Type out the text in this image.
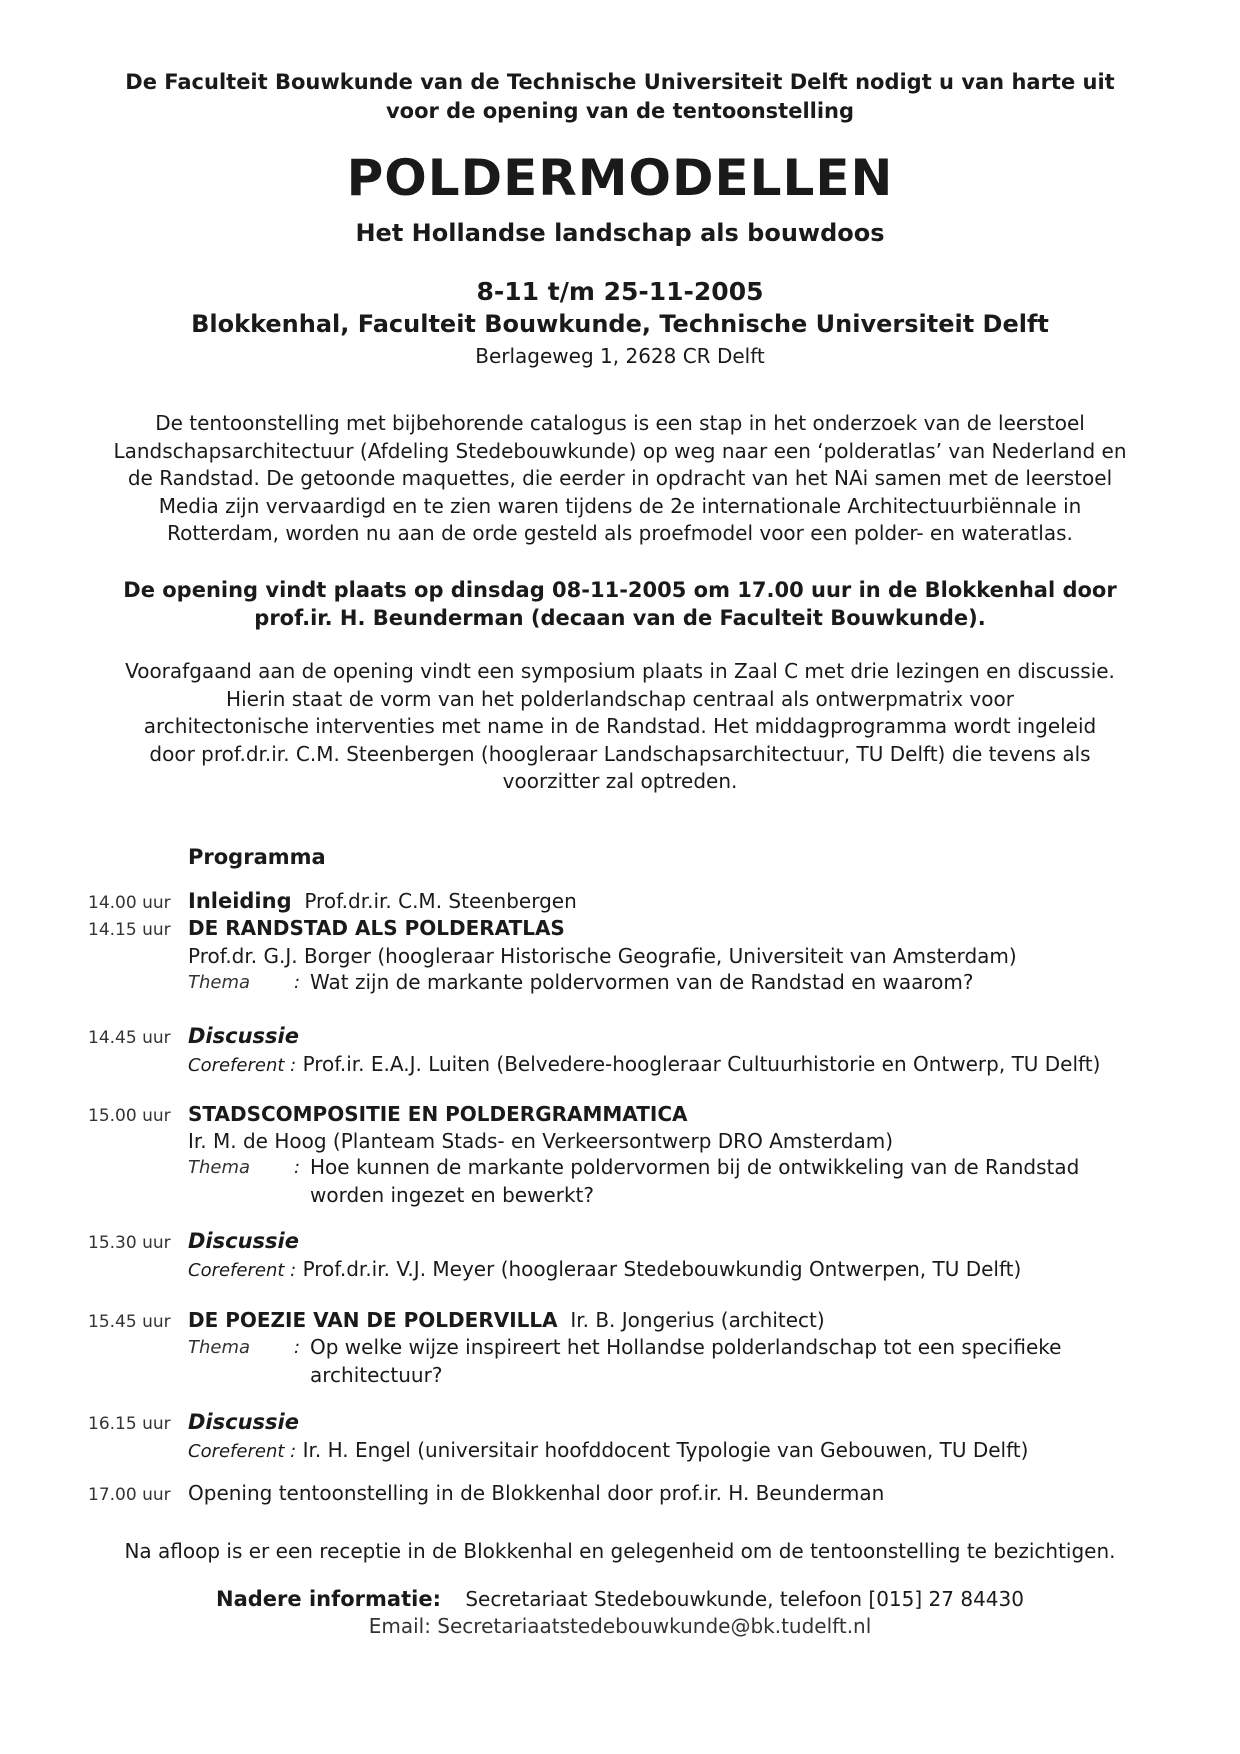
De Faculteit Bouwkunde van de Technische Universiteit Delft nodigt u van harte uit
voor de opening van de tentoonstelling
POLDERMODELLEN
Het Hollandse landschap als bouwdoos
8-11 t/m 25-11-2005
Blokkenhal, Faculteit Bouwkunde, Technische Universiteit Delft
Berlageweg 1, 2628 CR Delft
De tentoonstelling met bijbehorende catalogus is een stap in het onderzoek van de leerstoel
Landschapsarchitectuur (Afdeling Stedebouwkunde) op weg naar een ‘polderatlas’ van Nederland en
de Randstad. De getoonde maquettes, die eerder in opdracht van het NAi samen met de leerstoel
Media zijn vervaardigd en te zien waren tijdens de 2e internationale Architectuurbiënnale in
Rotterdam, worden nu aan de orde gesteld als proefmodel voor een polder- en wateratlas.
De opening vindt plaats op dinsdag 08-11-2005 om 17.00 uur in de Blokkenhal door
prof.ir. H. Beunderman (decaan van de Faculteit Bouwkunde).
Voorafgaand aan de opening vindt een symposium plaats in Zaal C met drie lezingen en discussie.
Hierin staat de vorm van het polderlandschap centraal als ontwerpmatrix voor
architectonische interventies met name in de Randstad. Het middagprogramma wordt ingeleid
door prof.dr.ir. C.M. Steenbergen (hoogleraar Landschapsarchitectuur, TU Delft) die tevens als
voorzitter zal optreden.
Programma
14.00 uur Inleiding Prof.dr.ir. C.M. Steenbergen
14.15 uur DE RANDSTAD ALS POLDERATLAS
Prof.dr. G.J. Borger (hoogleraar Historische Geografie, Universiteit van Amsterdam)
Thema : Wat zijn de markante poldervormen van de Randstad en waarom?
14.45 uur Discussie
Coreferent : Prof.ir. E.A.J. Luiten (Belvedere-hoogleraar Cultuurhistorie en Ontwerp, TU Delft)
15.00 uur STADSCOMPOSITIE EN POLDERGRAMMATICA
Ir. M. de Hoog (Planteam Stads- en Verkeersontwerp DRO Amsterdam)
Thema : Hoe kunnen de markante poldervormen bij de ontwikkeling van de Randstad
worden ingezet en bewerkt?
15.30 uur Discussie
Coreferent : Prof.dr.ir. V.J. Meyer (hoogleraar Stedebouwkundig Ontwerpen, TU Delft)
15.45 uur DE POEZIE VAN DE POLDERVILLA Ir. B. Jongerius (architect)
Thema : Op welke wijze inspireert het Hollandse polderlandschap tot een specifieke
architectuur?
16.15 uur Discussie
Coreferent : Ir. H. Engel (universitair hoofddocent Typologie van Gebouwen, TU Delft)
17.00 uur Opening tentoonstelling in de Blokkenhal door prof.ir. H. Beunderman
Na afloop is er een receptie in de Blokkenhal en gelegenheid om de tentoonstelling te bezichtigen.
Nadere informatie: Secretariaat Stedebouwkunde, telefoon [015] 27 84430
Email: Secretariaatstedebouwkunde@bk.tudelft.nl
